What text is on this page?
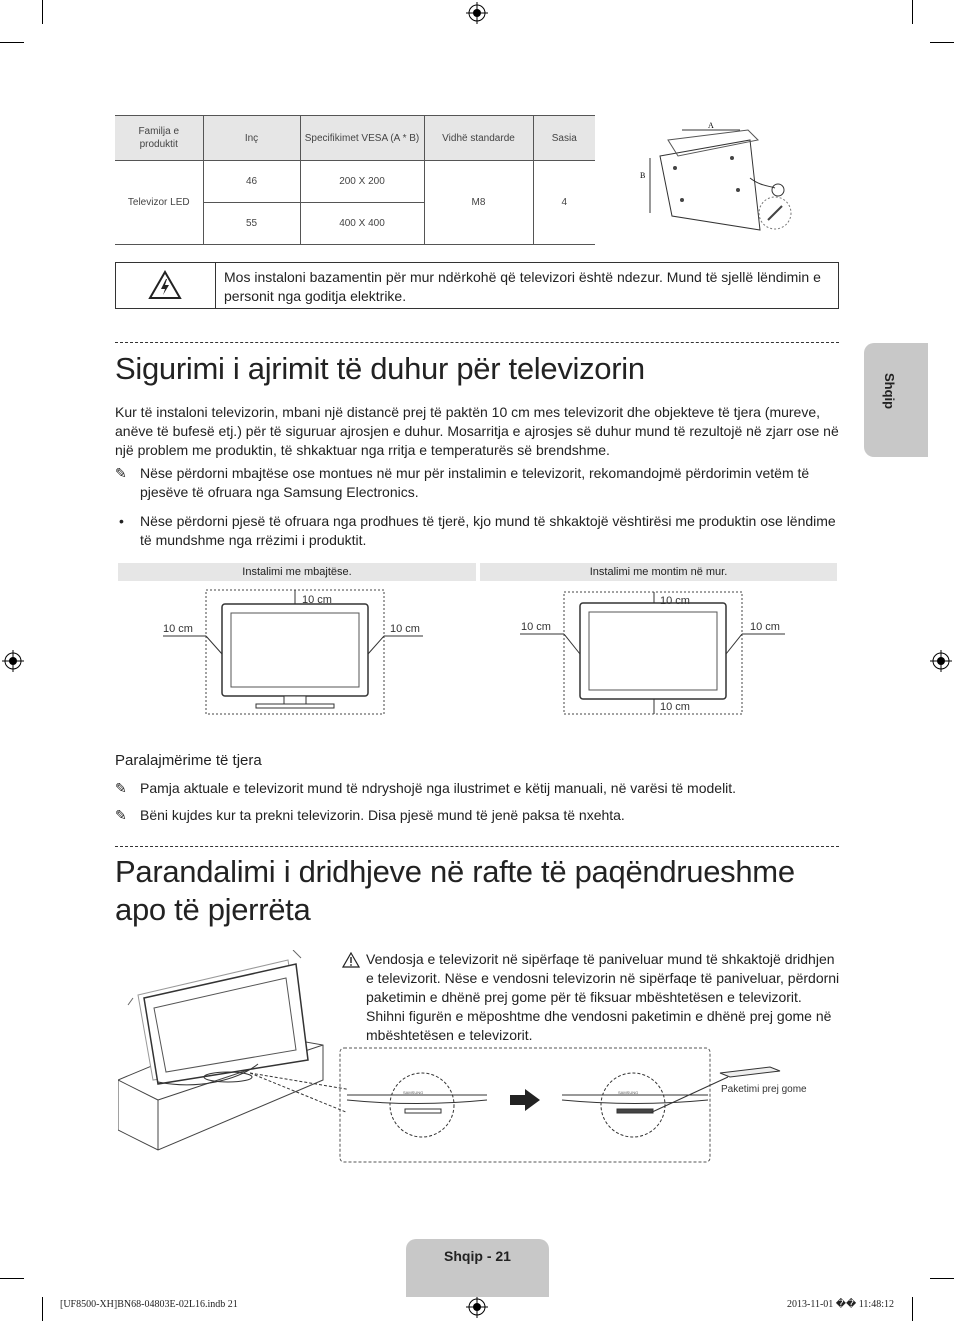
Familja e produktit	Inç	Specifikimet VESA (A * B)	Vidhë standarde	Sasia
Televizor LED	46	200 X 200	M8	4
	55	400 X 400		
A
B
Mos instaloni bazamentin për mur ndërkohë që televizori është ndezur. Mund të sjellë lëndimin e personit nga goditja elektrike.
Sigurimi i ajrimit të duhur për televizorin
Kur të instaloni televizorin, mbani një distancë prej të paktën 10 cm mes televizorit dhe objekteve të tjera (mureve, anëve të bufesë etj.) për të siguruar ajrosjen e duhur. Mosarritja e ajrosjes së duhur mund të rezultojë në zjarr ose në një problem me produktin, të shkaktuar nga rritja e temperaturës së brendshme.
✎ Nëse përdorni mbajtëse ose montues në mur për instalimin e televizorit, rekomandojmë përdorimin vetëm të pjesëve të ofruara nga Samsung Electronics.
•	Nëse përdorni pjesë të ofruara nga prodhues të tjerë, kjo mund të shkaktojë vështirësi me produktin ose lëndime të mundshme nga rrëzimi i produktit.
Instalimi me mbajtëse.	Instalimi me montim në mur.
10 cm
10 cm	10 cm
10 cm
10 cm	10 cm
10 cm
Paralajmërime të tjera
✎ Pamja aktuale e televizorit mund të ndryshojë nga ilustrimet e këtij manuali, në varësi të modelit.
✎ Bëni kujdes kur ta prekni televizorin. Disa pjesë mund të jenë paksa të nxehta.
Parandalimi i dridhjeve në rafte të paqëndrueshme apo të pjerrëta
Vendosja e televizorit në sipërfaqe të paniveluar mund të shkaktojë dridhjen e televizorit. Nëse e vendosni televizorin në sipërfaqe të paniveluar, përdorni paketimin e dhënë prej gome për të fiksuar mbështetësen e televizorit. Shihni figurën e mëposhtme dhe vendosni paketimin e dhënë prej gome në mbështetësen e televizorit.
SAMSUNG	SAMSUNG	Paketimi prej gome
Shqip
Shqip - 21
[UF8500-XH]BN68-04803E-02L16.indb 21	2013-11-01 �� 11:48:12
